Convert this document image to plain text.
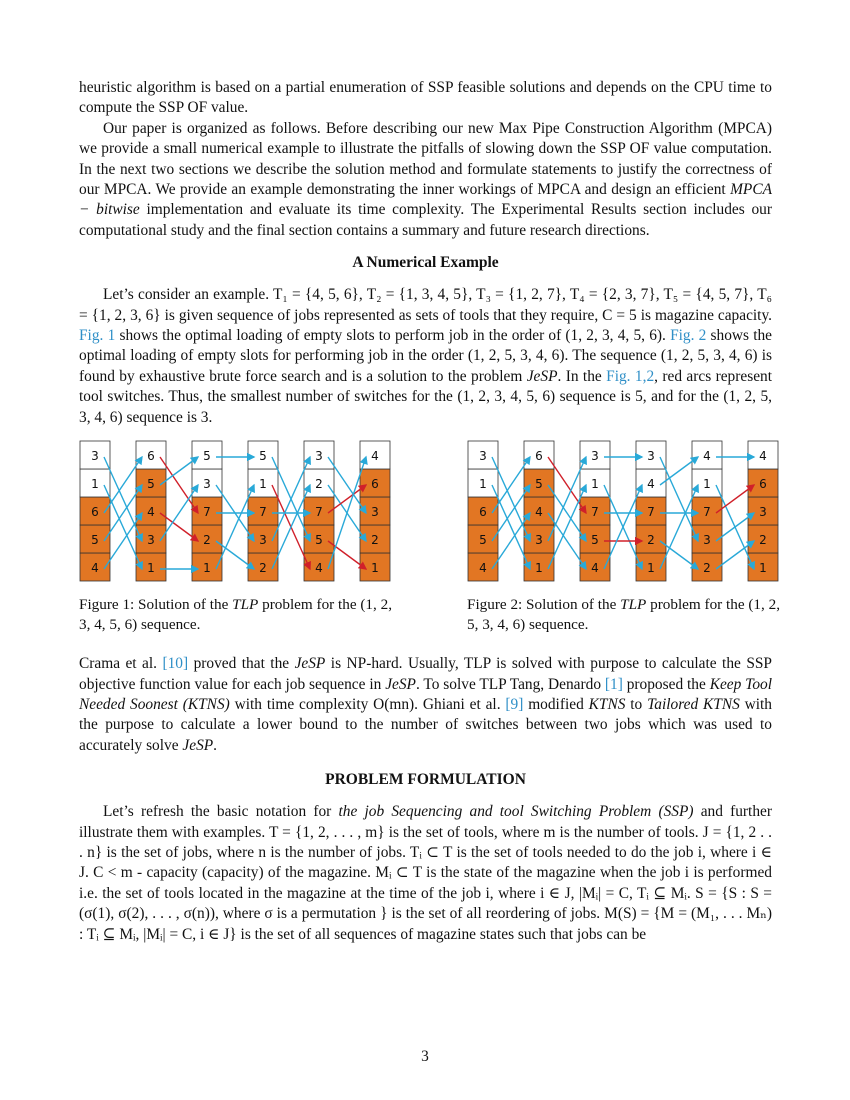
heuristic algorithm is based on a partial enumeration of SSP feasible solutions and depends on the CPU time to compute the SSP OF value.

Our paper is organized as follows. Before describing our new Max Pipe Construction Algorithm (MPCA) we provide a small numerical example to illustrate the pitfalls of slowing down the SSP OF value computation. In the next two sections we describe the solution method and formulate statements to justify the correctness of our MPCA. We provide an example demonstrating the inner workings of MPCA and design an efficient MPCA − bitwise implementation and evaluate its time complexity. The Experimental Results section includes our computational study and the final section contains a summary and future research directions.

A Numerical Example

Let’s consider an example. T₁ = {4, 5, 6}, T₂ = {1, 3, 4, 5}, T₃ = {1, 2, 7}, T₄ = {2, 3, 7}, T₅ = {4, 5, 7}, T₆ = {1, 2, 3, 6} is given sequence of jobs represented as sets of tools that they require, C = 5 is magazine capacity. Fig. 1 shows the optimal loading of empty slots to perform job in the order of (1, 2, 3, 4, 5, 6). Fig. 2 shows the optimal loading of empty slots for performing job in the order (1, 2, 5, 3, 4, 6). The sequence (1, 2, 5, 3, 4, 6) is found by exhaustive brute force search and is a solution to the problem JeSP. In the Fig. 1,2, red arcs represent tool switches. Thus, the smallest number of switches for the (1, 2, 3, 4, 5, 6) sequence is 5, and for the (1, 2, 5, 3, 4, 6) sequence is 3.

3
1
6
5
4
6
5
4
3
1
5
3
7
2
1
5
1
7
3
2
3
2
7
5
4
4
6
3
2
1
Figure 1: Solution of the TLP problem for the (1, 2, 3, 4, 5, 6) sequence.
3
1
6
5
4
6
5
4
3
1
3
1
7
5
4
3
4
7
2
1
4
1
7
3
2
4
6
3
2
1
Figure 2: Solution of the TLP problem for the (1, 2, 5, 3, 4, 6) sequence.

Crama et al. [10] proved that the JeSP is NP-hard. Usually, TLP is solved with purpose to calculate the SSP objective function value for each job sequence in JeSP. To solve TLP Tang, Denardo [1] proposed the Keep Tool Needed Soonest (KTNS) with time complexity O(mn). Ghiani et al. [9] modified KTNS to Tailored KTNS with the purpose to calculate a lower bound to the number of switches between two jobs which was used to accurately solve JeSP.

PROBLEM FORMULATION

Let’s refresh the basic notation for the job Sequencing and tool Switching Problem (SSP) and further illustrate them with examples. T = {1, 2, . . . , m} is the set of tools, where m is the number of tools. J = {1, 2 . . . n} is the set of jobs, where n is the number of jobs. Tᵢ ⊂ T is the set of tools needed to do the job i, where i ∈ J. C < m - capacity (capacity) of the magazine. Mᵢ ⊂ T is the state of the magazine when the job i is performed i.e. the set of tools located in the magazine at the time of the job i, where i ∈ J, |Mᵢ| = C, Tᵢ ⊆ Mᵢ. S = {S : S = (σ(1), σ(2), . . . , σ(n)), where σ is a permutation } is the set of all reordering of jobs. M(S) = {M = (M₁, . . . Mₙ) : Tᵢ ⊆ Mᵢ, |Mᵢ| = C, i ∈ J} is the set of all sequences of magazine states such that jobs can be

3
